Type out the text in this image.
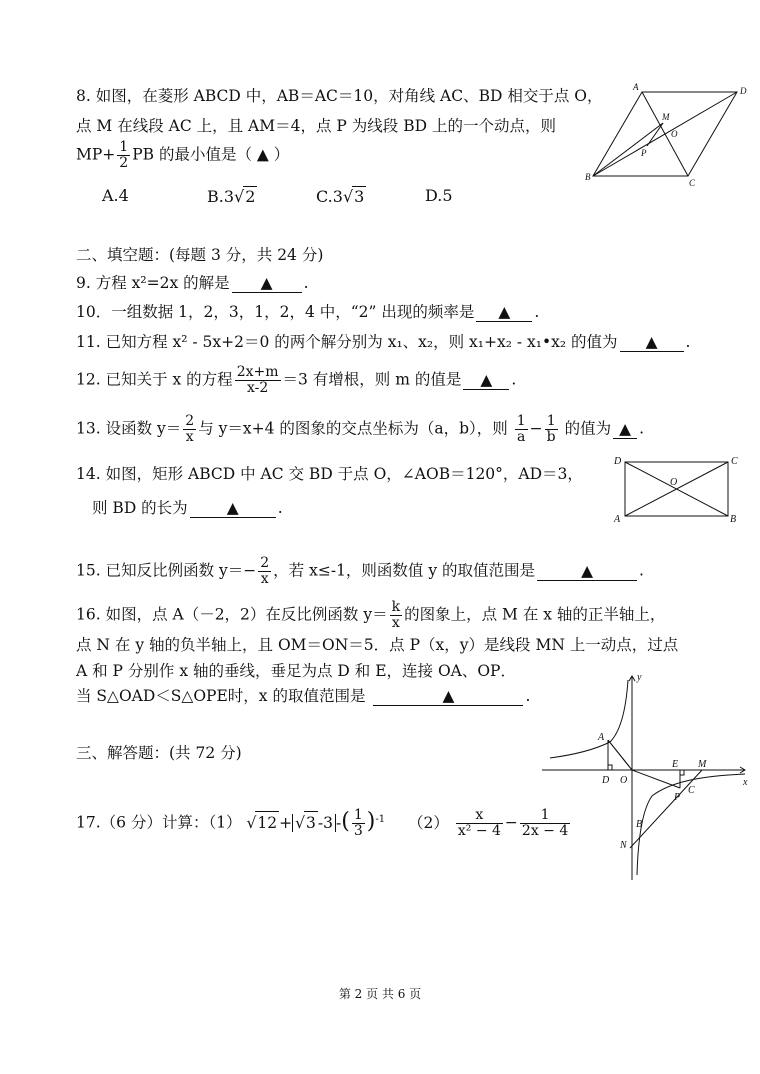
8. 如图，在菱形 ABCD 中，AB＝AC＝10，对角线 AC、BD 相交于点 O，
点 M 在线段 AC 上，且 AM＝4，点 P 为线段 BD 上的一个动点，则
$MP+ \frac{1}{2}$ PB 的最小值是（ ▲ ）
A.4	B.3√2	C.3√3	D.5
A	D
B
C
M
O
P
二、填空题：(每题 3 分，共 24 分)
9. 方程 x²=2x 的解是 ▲ .
10．一组数据 1，2，3，1，2，4 中，“2” 出现的频率是 ▲ .
11. 已知方程 x² - 5x+2＝0 的两个解分别为 x₁、x₂，则 x₁+x₂ - x₁•x₂ 的值为 ▲ .
12. 已知关于 x 的方程 $\frac{2x+m}{x-2} =3$ 有增根，则 m 的值是 ▲ .
13. 设函数 $y= \frac{2}{x}$ 与 y＝x+4 的图象的交点坐标为（a，b），则 $\frac{1}{a} - \frac{1}{b}$ 的值为 ▲ .
14. 如图，矩形 ABCD 中 AC 交 BD 于点 O，∠AOB＝120°，AD＝3，
则 BD 的长为	▲	.
D	C
A	B
O
15. 已知反比例函数 $y=- \frac{2}{x}$ ，若 x≤-1，则函数值 y 的取值范围是	▲	.
16. 如图，点 A（－2，2）在反比例函数 $y= \frac{k}{x}$ 的图象上，点 M 在 x 轴的正半轴上，
点 N 在 y 轴的负半轴上，且 OM＝ON＝5．点 P（x，y）是线段 MN 上一动点，过点
A 和 P 分别作 x 轴的垂线，垂足为点 D 和 E，连接 OA、OP．
当 S△OAD＜S△OPE时，x 的取值范围是	▲	.
三、解答题：(共 72 分)
17.（6 分）计算：（1） √12 + √3 -3 -( $\frac{1}{3} )^{-1}$ $(2) \frac{x}{\text{x² − 4}} - \frac{1}{2x - 4}$
y
x
A
D O
E M
P
C
B
N
第 2 页 共 6 页
